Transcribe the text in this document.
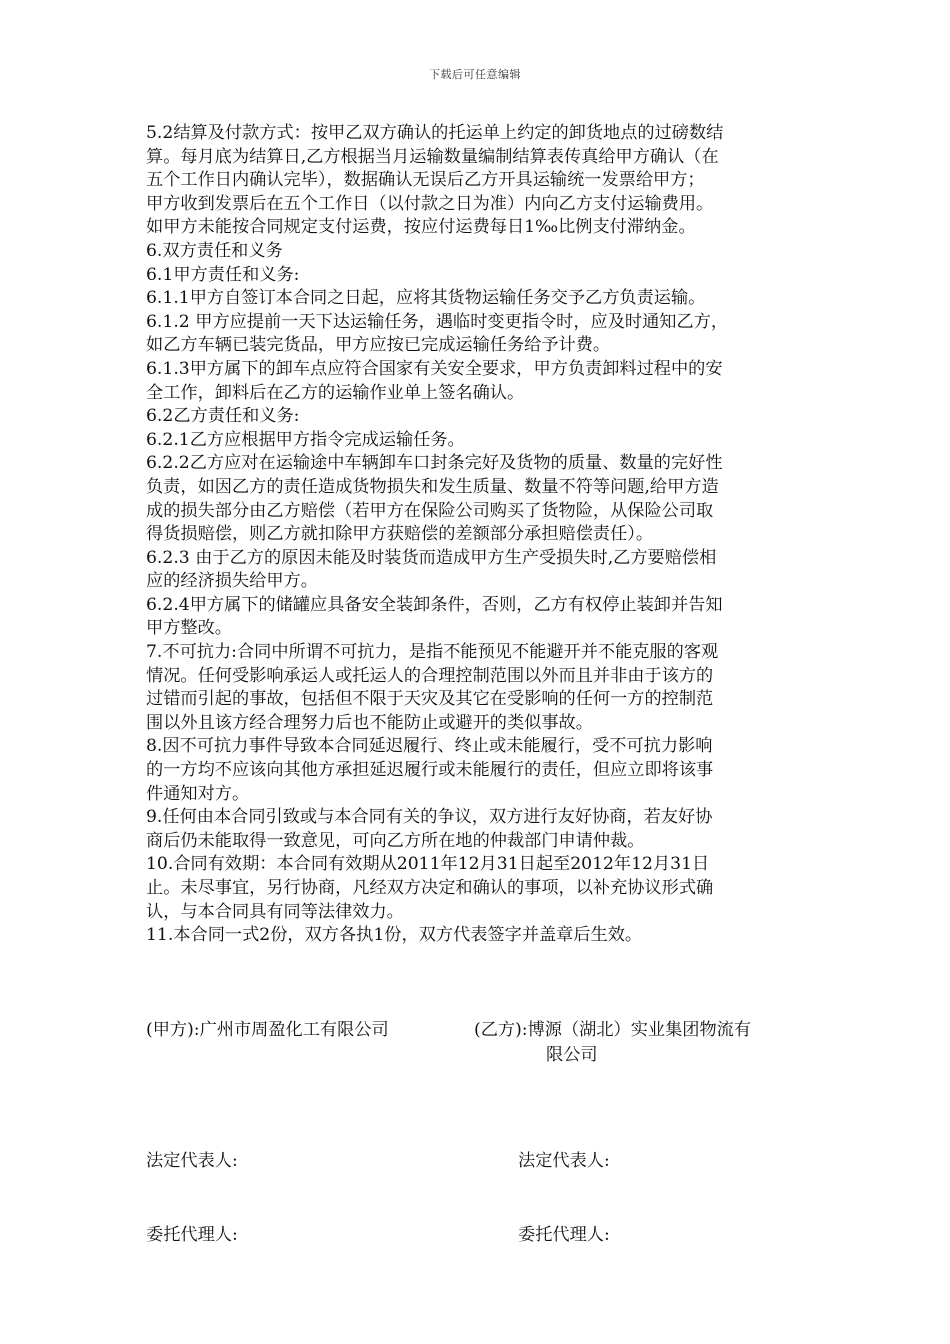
下载后可任意编辑
5.2结算及付款方式：按甲乙双方确认的托运单上约定的卸货地点的过磅数结
算。每月底为结算日,乙方根据当月运输数量编制结算表传真给甲方确认（在
五个工作日内确认完毕），数据确认无误后乙方开具运输统一发票给甲方；
甲方收到发票后在五个工作日（以付款之日为准）内向乙方支付运输费用。
如甲方未能按合同规定支付运费，按应付运费每日1‰比例支付滞纳金。
6.双方责任和义务
6.1甲方责任和义务:
6.1.1甲方自签订本合同之日起，应将其货物运输任务交予乙方负责运输。
6.1.2 甲方应提前一天下达运输任务，遇临时变更指令时，应及时通知乙方，
如乙方车辆已装完货品，甲方应按已完成运输任务给予计费。
6.1.3甲方属下的卸车点应符合国家有关安全要求，甲方负责卸料过程中的安
全工作，卸料后在乙方的运输作业单上签名确认。
6.2乙方责任和义务:
6.2.1乙方应根据甲方指令完成运输任务。
6.2.2乙方应对在运输途中车辆卸车口封条完好及货物的质量、数量的完好性
负责，如因乙方的责任造成货物损失和发生质量、数量不符等问题,给甲方造
成的损失部分由乙方赔偿（若甲方在保险公司购买了货物险，从保险公司取
得货损赔偿，则乙方就扣除甲方获赔偿的差额部分承担赔偿责任）。
6.2.3 由于乙方的原因未能及时装货而造成甲方生产受损失时,乙方要赔偿相
应的经济损失给甲方。
6.2.4甲方属下的储罐应具备安全装卸条件，否则，乙方有权停止装卸并告知
甲方整改。
7.不可抗力:合同中所谓不可抗力，是指不能预见不能避开并不能克服的客观
情况。任何受影响承运人或托运人的合理控制范围以外而且并非由于该方的
过错而引起的事故，包括但不限于天灾及其它在受影响的任何一方的控制范
围以外且该方经合理努力后也不能防止或避开的类似事故。
8.因不可抗力事件导致本合同延迟履行、终止或未能履行，受不可抗力影响
的一方均不应该向其他方承担延迟履行或未能履行的责任，但应立即将该事
件通知对方。
9.任何由本合同引致或与本合同有关的争议，双方进行友好协商，若友好协
商后仍未能取得一致意见，可向乙方所在地的仲裁部门申请仲裁。
10.合同有效期：本合同有效期从2011年12月31日起至2012年12月31日
止。未尽事宜，另行协商，凡经双方决定和确认的事项，以补充协议形式确
认，与本合同具有同等法律效力。
11.本合同一式2份，双方各执1份，双方代表签字并盖章后生效。
(甲方):广州市周盈化工有限公司	(乙方):博源（湖北）实业集团物流有
限公司
法定代表人:	法定代表人:
委托代理人:	委托代理人:
